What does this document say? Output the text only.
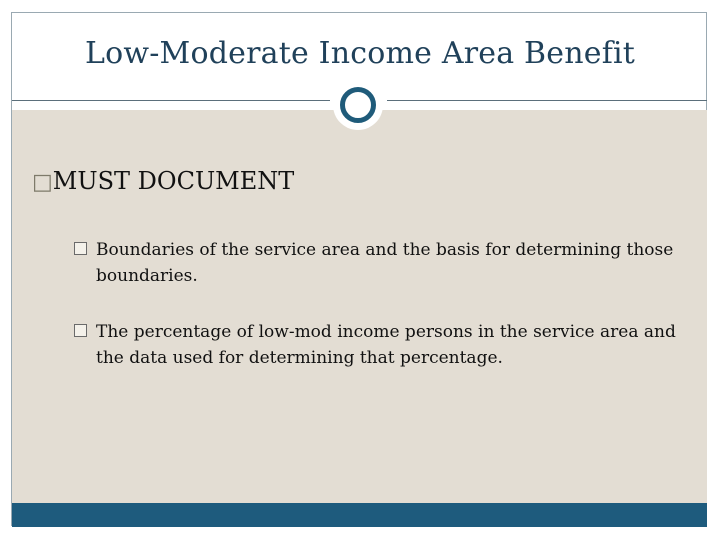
Low-Moderate Income Area Benefit
□MUST DOCUMENT
Boundaries of the service area and the basis for determining those boundaries.
The percentage of low-mod income persons in the service area and the data used for determining that percentage.
